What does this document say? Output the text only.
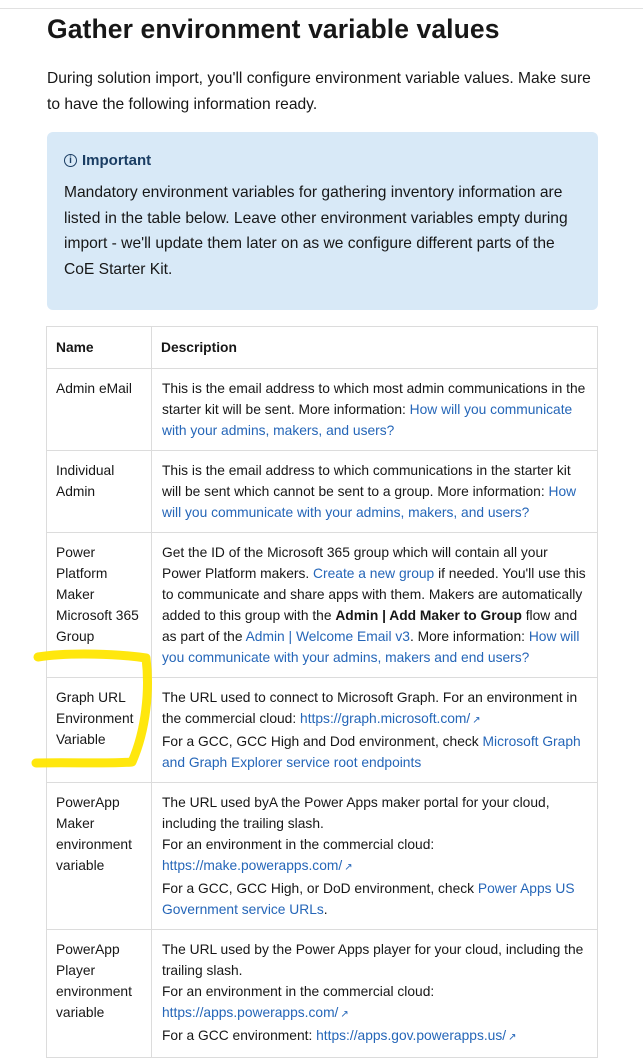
Gather environment variable values

During solution import, you'll configure environment variable values. Make sure to have the following information ready.

i Important

Mandatory environment variables for gathering inventory information are listed in the table below. Leave other environment variables empty during import - we'll update them later on as we configure different parts of the CoE Starter Kit.

Name	Description
Admin eMail	This is the email address to which most admin communications in the starter kit will be sent. More information: How will you communicate with your admins, makers, and users?
Individual Admin	This is the email address to which communications in the starter kit will be sent which cannot be sent to a group. More information: How will you communicate with your admins, makers, and users?
Power Platform Maker Microsoft 365 Group	Get the ID of the Microsoft 365 group which will contain all your Power Platform makers. Create a new group if needed. You'll use this to communicate and share apps with them. Makers are automatically added to this group with the Admin | Add Maker to Group flow and as part of the Admin | Welcome Email v3. More information: How will you communicate with your admins, makers and end users?
Graph URL Environment Variable	The URL used to connect to Microsoft Graph. For an environment in the commercial cloud: https://graph.microsoft.com/ ↗
For a GCC, GCC High and Dod environment, check Microsoft Graph and Graph Explorer service root endpoints
PowerApp Maker environment variable	The URL used byA the Power Apps maker portal for your cloud, including the trailing slash.
For an environment in the commercial cloud: https://make.powerapps.com/ ↗
For a GCC, GCC High, or DoD environment, check Power Apps US Government service URLs.
PowerApp Player environment variable	The URL used by the Power Apps player for your cloud, including the trailing slash.
For an environment in the commercial cloud: https://apps.powerapps.com/ ↗
For a GCC environment: https://apps.gov.powerapps.us/ ↗
